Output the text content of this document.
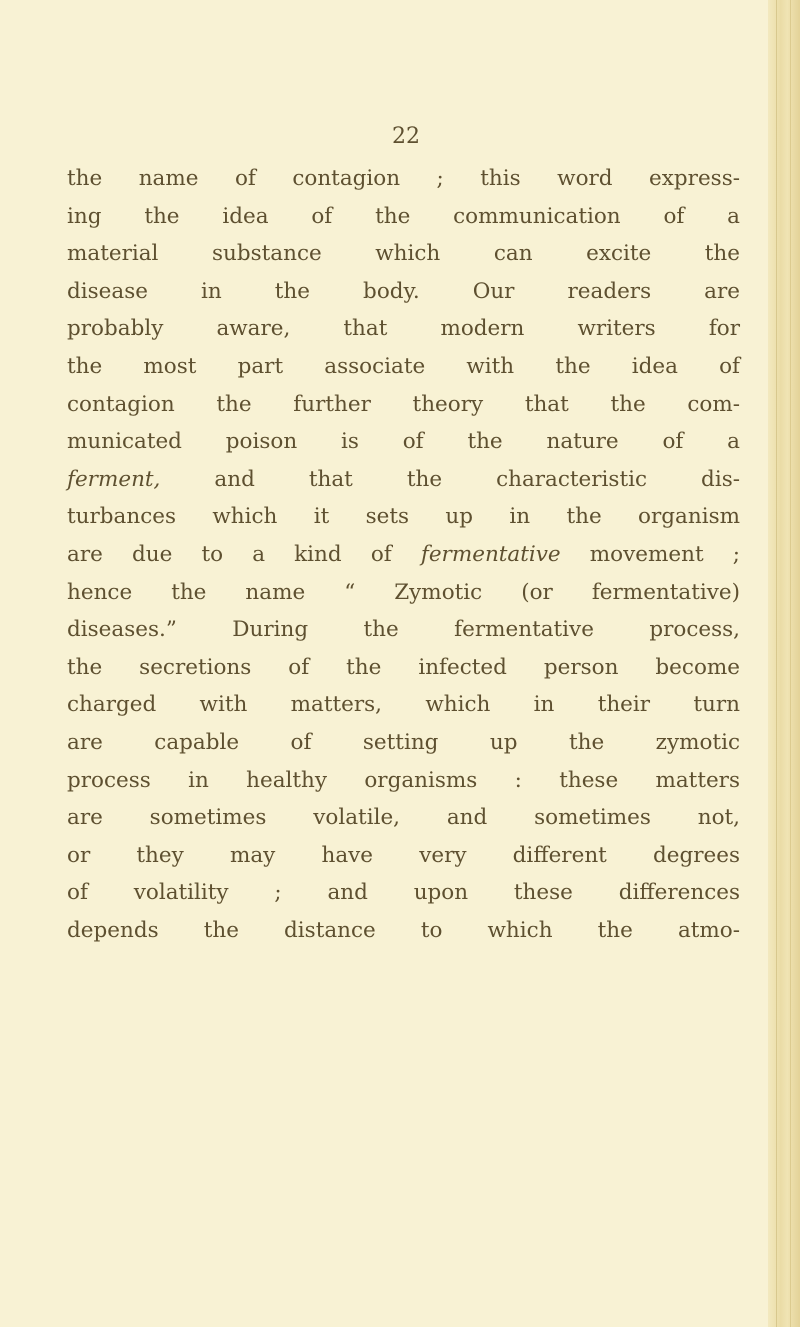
22
the name of contagion ; this word express-
ing the idea of the communication of a
material substance which can excite the
disease in the body. Our readers are
probably aware, that modern writers for
the most part associate with the idea of
contagion the further theory that the com-
municated poison is of the nature of a
ferment, and that the characteristic dis-
turbances which it sets up in the organism
are due to a kind of fermentative movement ;
hence the name “ Zymotic (or fermentative)
diseases.” During the fermentative process,
the secretions of the infected person become
charged with matters, which in their turn
are capable of setting up the zymotic
process in healthy organisms : these matters
are sometimes volatile, and sometimes not,
or they may have very different degrees
of volatility ; and upon these differences
depends the distance to which the atmo-
